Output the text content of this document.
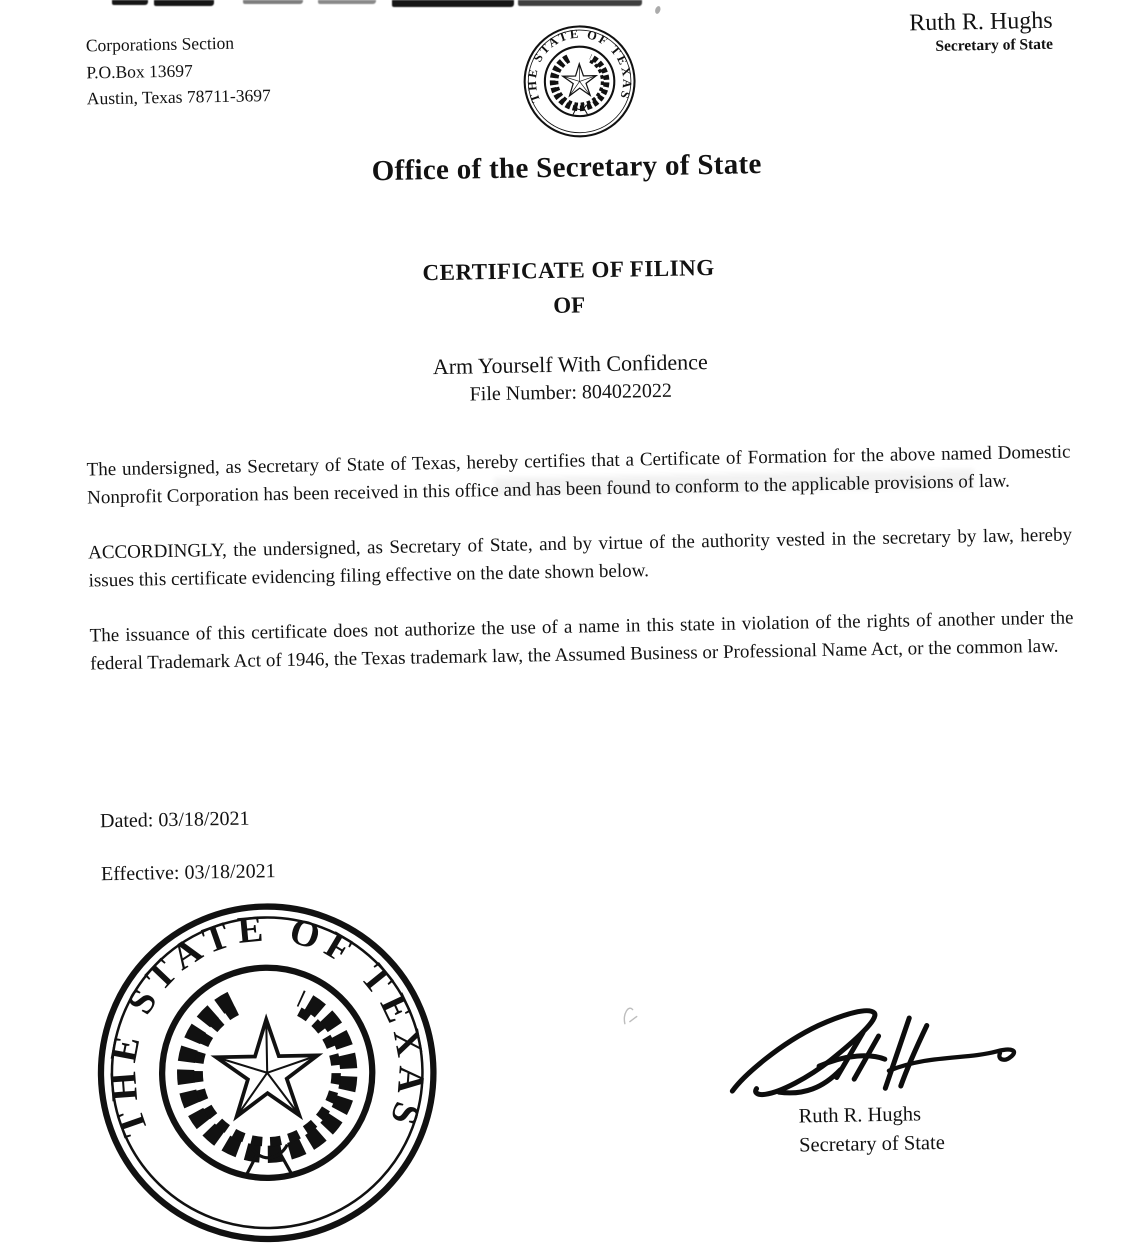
Corporations Section
P.O.Box 13697
Austin, Texas 78711-3697
Ruth R. Hughs
Secretary of State
Office of the Secretary of State
CERTIFICATE OF FILING
OF
Arm Yourself With Confidence
File Number: 804022022

The undersigned, as Secretary of State of Texas, hereby certifies that a Certificate of Formation for the above named Domestic Nonprofit Corporation has been received in this office and has been found to conform to the applicable provisions of law.

ACCORDINGLY, the undersigned, as Secretary of State, and by virtue of the authority vested in the secretary by law, hereby issues this certificate evidencing filing effective on the date shown below.

The issuance of this certificate does not authorize the use of a name in this state in violation of the rights of another under the federal Trademark Act of 1946, the Texas trademark law, the Assumed Business or Professional Name Act, or the common law.

Dated: 03/18/2021
Effective: 03/18/2021
Ruth R. Hughs
Secretary of State
